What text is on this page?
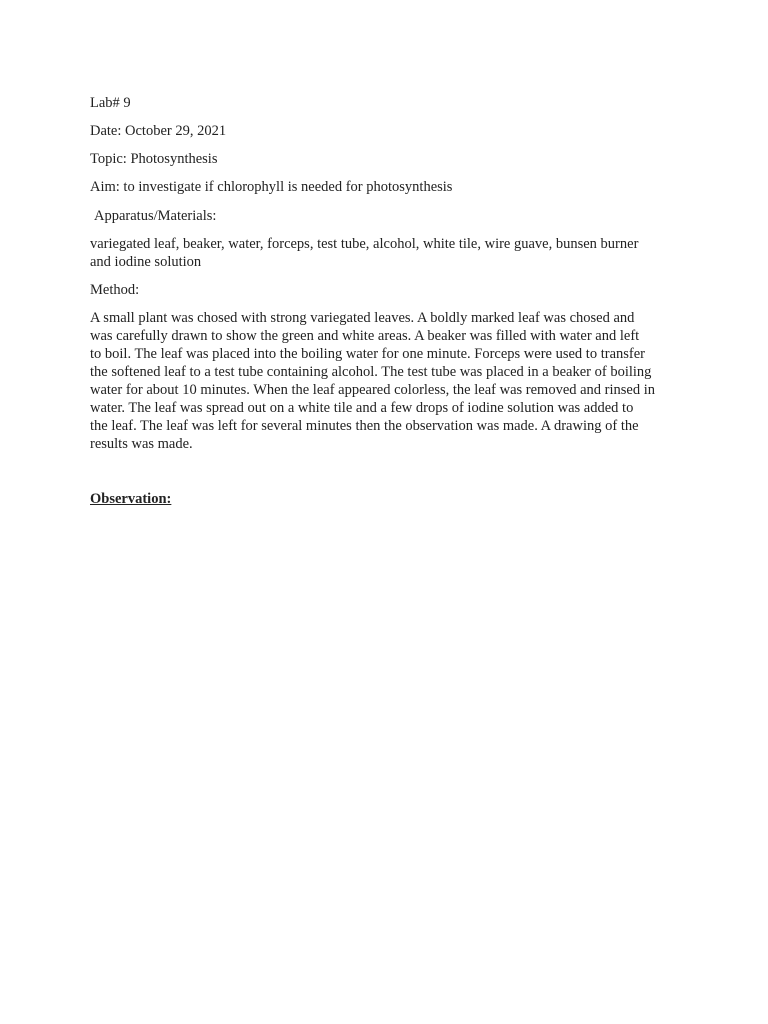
Lab# 9
Date: October 29, 2021
Topic: Photosynthesis
Aim: to investigate if chlorophyll is needed for photosynthesis
Apparatus/Materials:
variegated leaf, beaker, water, forceps, test tube, alcohol, white tile, wire guave, bunsen burner
and iodine solution
Method:
A small plant was chosed with strong variegated leaves. A boldly marked leaf was chosed and
was carefully drawn to show the green and white areas. A beaker was filled with water and left
to boil. The leaf was placed into the boiling water for one minute. Forceps were used to transfer
the softened leaf to a test tube containing alcohol. The test tube was placed in a beaker of boiling
water for about 10 minutes. When the leaf appeared colorless, the leaf was removed and rinsed in
water. The leaf was spread out on a white tile and a few drops of iodine solution was added to
the leaf. The leaf was left for several minutes then the observation was made. A drawing of the
results was made.
Observation:
